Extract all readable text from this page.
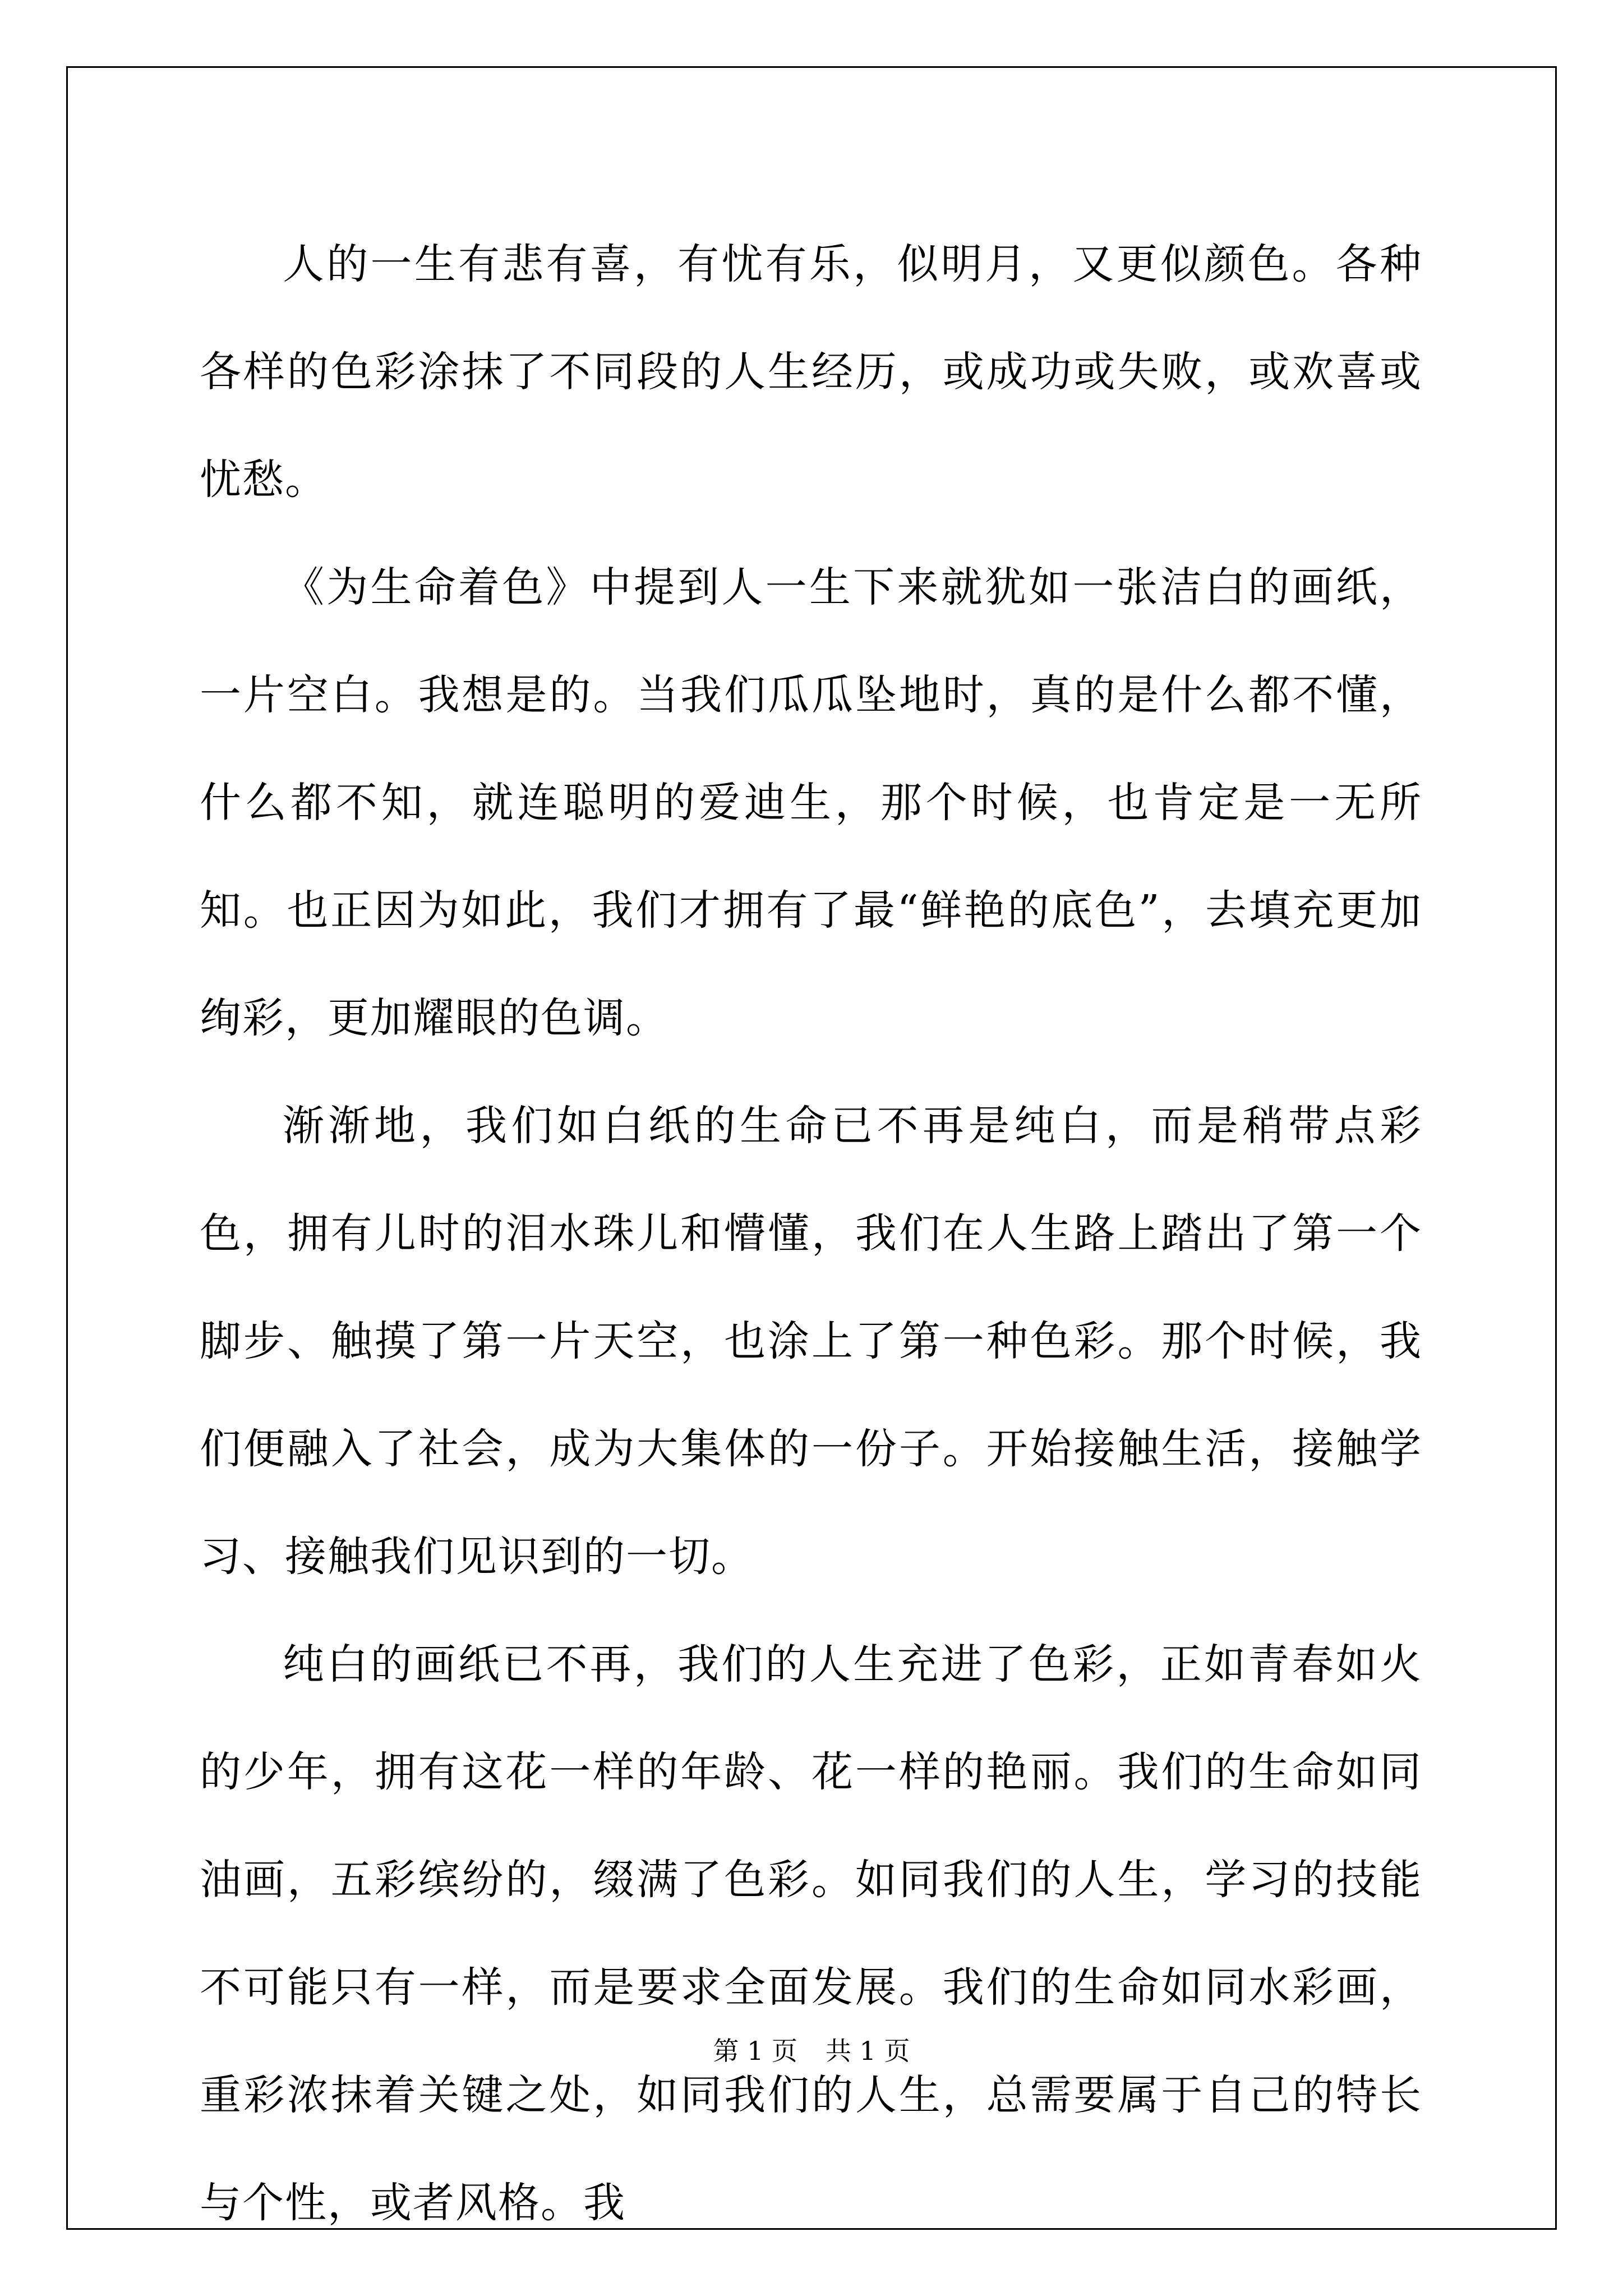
人的一生有悲有喜，有忧有乐，似明月，又更似颜色。各种各样的色彩涂抹了不同段的人生经历，或成功或失败，或欢喜或忧愁。

《为生命着色》中提到人一生下来就犹如一张洁白的画纸，一片空白。我想是的。当我们瓜瓜坠地时，真的是什么都不懂，什么都不知，就连聪明的爱迪生，那个时候，也肯定是一无所知。也正因为如此，我们才拥有了最“鲜艳的底色”，去填充更加绚彩，更加耀眼的色调。

渐渐地，我们如白纸的生命已不再是纯白，而是稍带点彩色，拥有儿时的泪水珠儿和懵懂，我们在人生路上踏出了第一个脚步、触摸了第一片天空，也涂上了第一种色彩。那个时候，我们便融入了社会，成为大集体的一份子。开始接触生活，接触学习、接触我们见识到的一切。

纯白的画纸已不再，我们的人生充进了色彩，正如青春如火的少年，拥有这花一样的年龄、花一样的艳丽。我们的生命如同油画，五彩缤纷的，缀满了色彩。如同我们的人生，学习的技能不可能只有一样，而是要求全面发展。我们的生命如同水彩画，重彩浓抹着关键之处，如同我们的人生，总需要属于自己的特长与个性，或者风格。我

第 1 页 共 1 页
